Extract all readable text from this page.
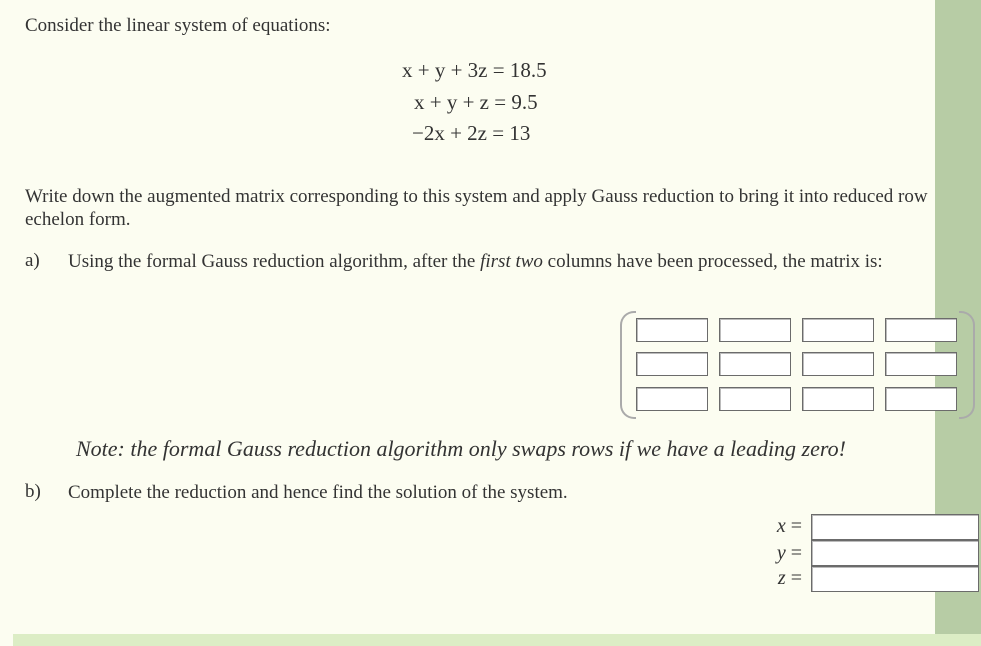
Consider the linear system of equations:
x + y + 3z = 18.5
x + y + z = 9.5
−2x + 2z = 13
Write down the augmented matrix corresponding to this system and apply Gauss reduction to bring it into reduced row echelon form.
a) Using the formal Gauss reduction algorithm, after the first two columns have been processed, the matrix is:
Note: the formal Gauss reduction algorithm only swaps rows if we have a leading zero!
b) Complete the reduction and hence find the solution of the system.
x =
y =
z =
